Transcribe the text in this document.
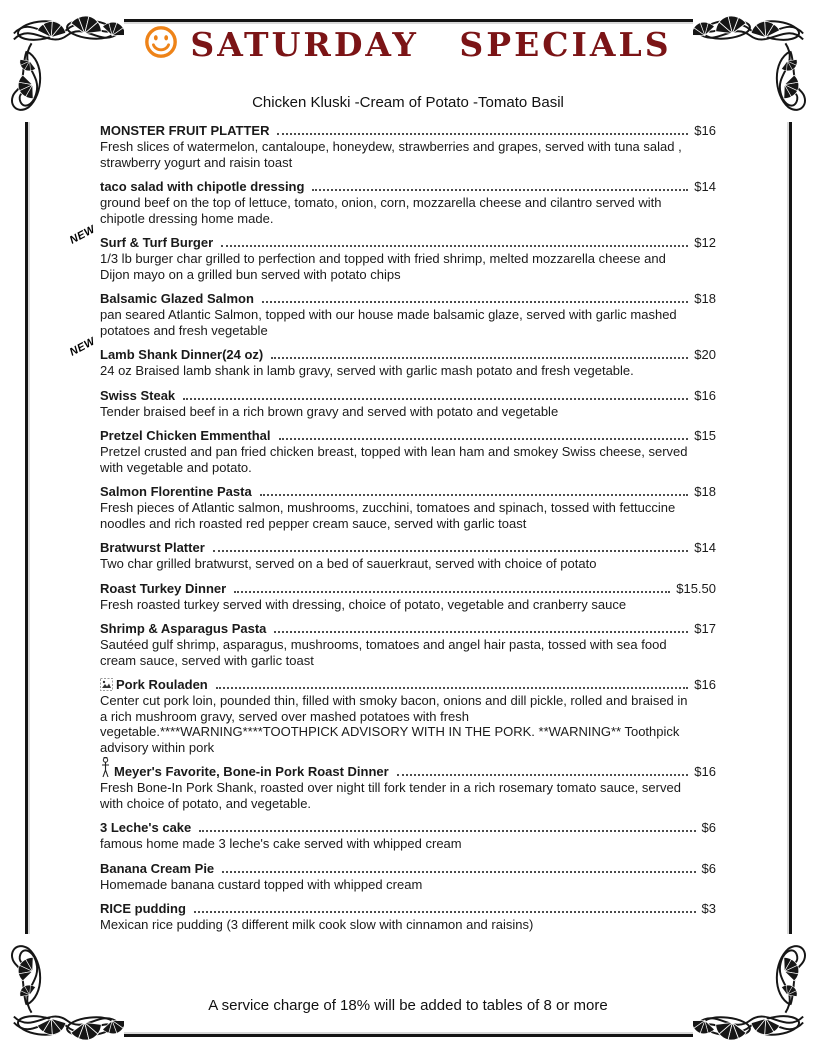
SATURDAY SPECIALS
Chicken Kluski -Cream of Potato -Tomato Basil
MONSTER FRUIT PLATTER	$16
Fresh slices of watermelon, cantaloupe, honeydew, strawberries and grapes, served with tuna salad , strawberry yogurt and raisin toast
taco salad with chipotle dressing	$14
ground beef on the top of lettuce, tomato, onion, corn, mozzarella cheese and cilantro served with chipotle dressing home made.
NEW Surf & Turf Burger	$12
1/3 lb burger char grilled to perfection and topped with fried shrimp, melted mozzarella cheese and Dijon mayo on a grilled bun served with potato chips
Balsamic Glazed Salmon	$18
pan seared Atlantic Salmon, topped with our house made balsamic glaze, served with garlic mashed potatoes and fresh vegetable
NEW Lamb Shank Dinner(24 oz)	$20
24 oz Braised lamb shank in lamb gravy, served with garlic mash potato and fresh vegetable.
Swiss Steak	$16
Tender braised beef in a rich brown gravy and served with potato and vegetable
Pretzel Chicken Emmenthal	$15
Pretzel crusted and pan fried chicken breast, topped with lean ham and smokey Swiss cheese, served with vegetable and potato.
Salmon Florentine Pasta	$18
Fresh pieces of Atlantic salmon, mushrooms, zucchini, tomatoes and spinach, tossed with fettuccine noodles and rich roasted red pepper cream sauce, served with garlic toast
Bratwurst Platter	$14
Two char grilled bratwurst, served on a bed of sauerkraut, served with choice of potato
Roast Turkey Dinner	$15.50
Fresh roasted turkey served with dressing, choice of potato, vegetable and cranberry sauce
Shrimp & Asparagus Pasta	$17
Sautéed gulf shrimp, asparagus, mushrooms, tomatoes and angel hair pasta, tossed with sea food cream sauce, served with garlic toast
Pork Rouladen	$16
Center cut pork loin, pounded thin, filled with smoky bacon, onions and dill pickle, rolled and braised in a rich mushroom gravy, served over mashed potatoes with fresh vegetable.****WARNING****TOOTHPICK ADVISORY WITH IN THE PORK. **WARNING** Toothpick advisory within pork
Meyer's Favorite, Bone-in Pork Roast Dinner	$16
Fresh Bone-In Pork Shank, roasted over night till fork tender in a rich rosemary tomato sauce, served with choice of potato, and vegetable.
3 Leche's cake	$6
famous home made 3 leche's cake served with whipped cream
Banana Cream Pie	$6
Homemade banana custard topped with whipped cream
RICE pudding	$3
Mexican rice pudding (3 different milk cook slow with cinnamon and raisins)
A service charge of 18% will be added to tables of 8 or more
